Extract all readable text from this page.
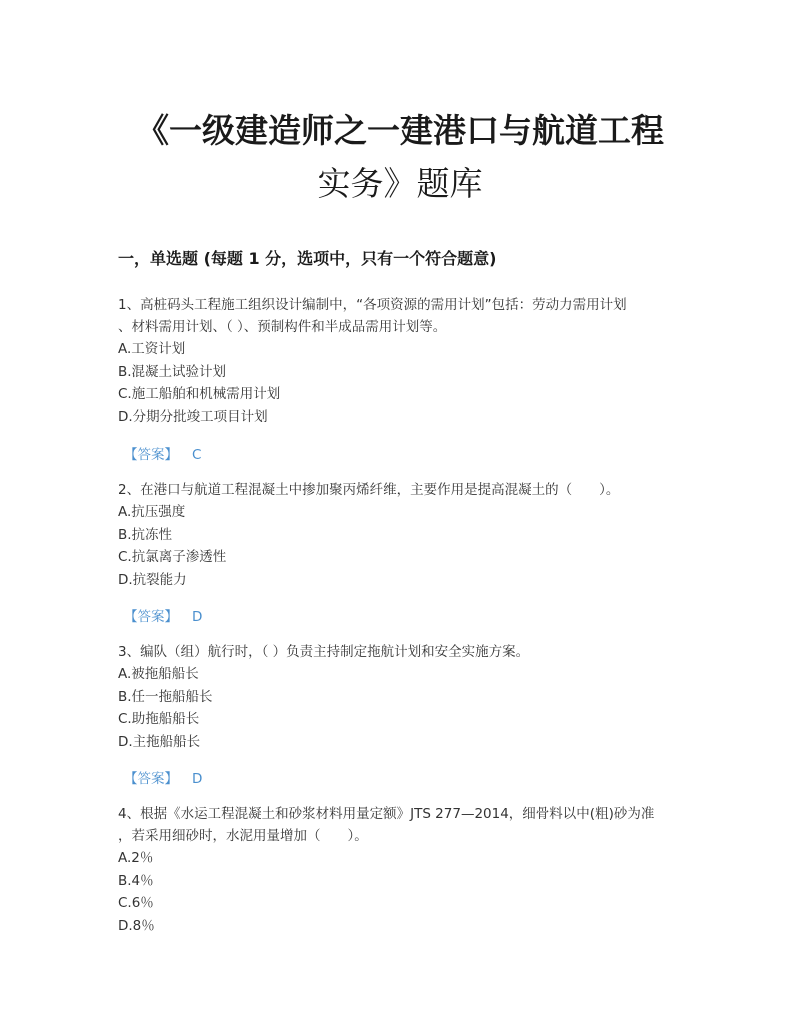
《一级建造师之一建港口与航道工程
实务》题库
一，单选题 (每题 1 分，选项中，只有一个符合题意)

1、高桩码头工程施工组织设计编制中，“各项资源的需用计划”包括：劳动力需用计划

、材料需用计划、（ ）、预制构件和半成品需用计划等。

A.工资计划

B.混凝土试验计划

C.施工船舶和机械需用计划

D.分期分批竣工项目计划

【答案】 C

2、在港口与航道工程混凝土中掺加聚丙烯纤维，主要作用是提高混凝土的（　　）。

A.抗压强度

B.抗冻性

C.抗氯离子渗透性

D.抗裂能力

【答案】 D

3、编队（组）航行时，（ ）负责主持制定拖航计划和安全实施方案。

A.被拖船船长

B.任一拖船船长

C.助拖船船长

D.主拖船船长

【答案】 D

4、根据《水运工程混凝土和砂浆材料用量定额》JTS 277—2014，细骨料以中(粗)砂为准

，若采用细砂时，水泥用量增加（　　）。

A.2％

B.4％

C.6％

D.8％
